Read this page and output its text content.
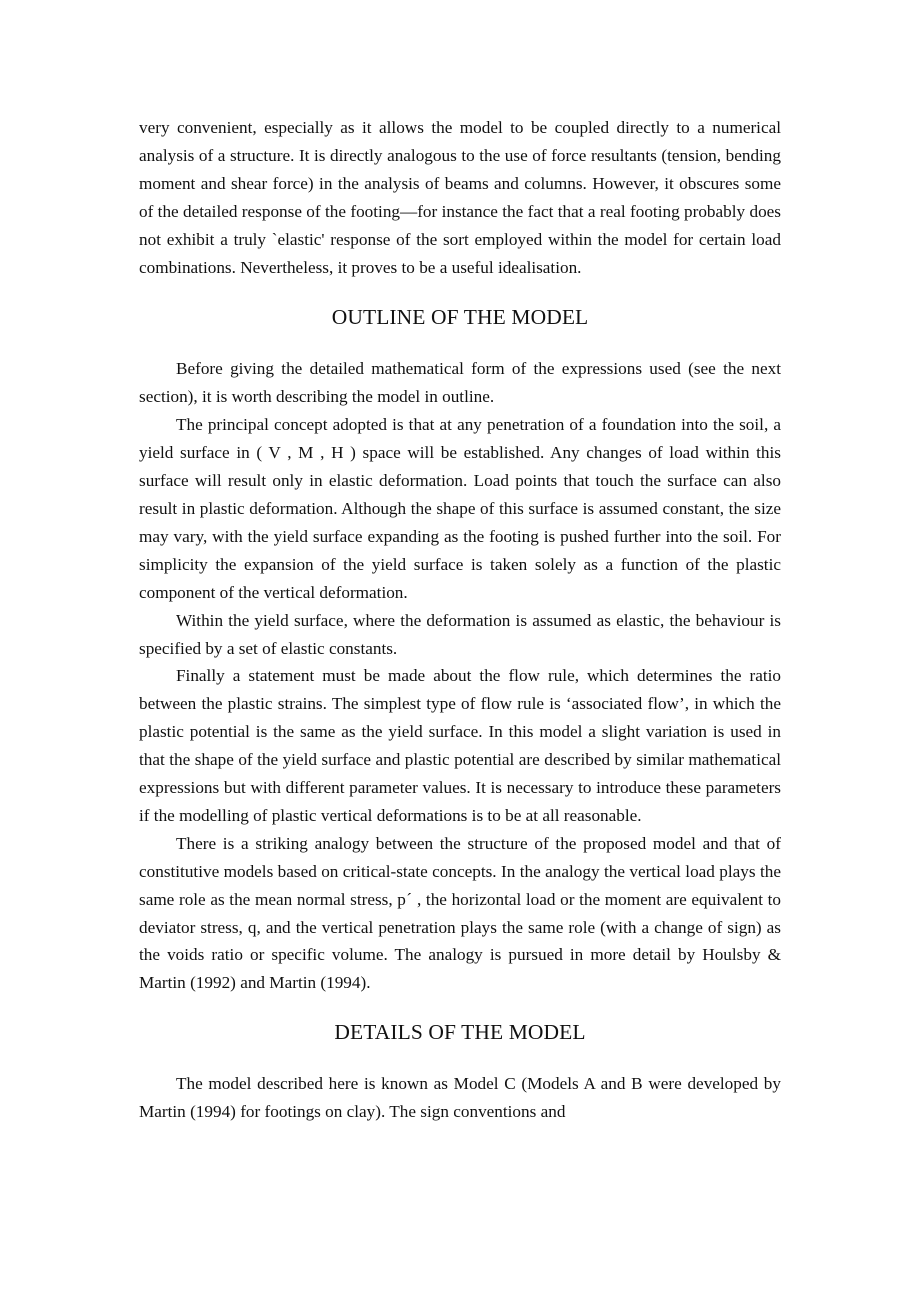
very convenient, especially as it allows the model to be coupled directly to a numerical analysis of a structure. It is directly analogous to the use of force resultants (tension, bending moment and shear force) in the analysis of beams and columns. However, it obscures some of the detailed response of the footing—for instance the fact that a real footing probably does not exhibit a truly `elastic' response of the sort employed within the model for certain load combinations. Nevertheless, it proves to be a useful idealisation.

OUTLINE OF THE MODEL

Before giving the detailed mathematical form of the expressions used (see the next section), it is worth describing the model in outline.

The principal concept adopted is that at any penetration of a foundation into the soil, a yield surface in ( V , M , H ) space will be established. Any changes of load within this surface will result only in elastic deformation. Load points that touch the surface can also result in plastic deformation. Although the shape of this surface is assumed constant, the size may vary, with the yield surface expanding as the footing is pushed further into the soil. For simplicity the expansion of the yield surface is taken solely as a function of the plastic component of the vertical deformation.

Within the yield surface, where the deformation is assumed as elastic, the behaviour is specified by a set of elastic constants.

Finally a statement must be made about the flow rule, which determines the ratio between the plastic strains. The simplest type of flow rule is ‘associated flow’, in which the plastic potential is the same as the yield surface. In this model a slight variation is used in that the shape of the yield surface and plastic potential are described by similar mathematical expressions but with different parameter values. It is necessary to introduce these parameters if the modelling of plastic vertical deformations is to be at all reasonable.

There is a striking analogy between the structure of the proposed model and that of constitutive models based on critical-state concepts. In the analogy the vertical load plays the same role as the mean normal stress, pˊ , the horizontal load or the moment are equivalent to deviator stress, q, and the vertical penetration plays the same role (with a change of sign) as the voids ratio or specific volume. The analogy is pursued in more detail by Houlsby & Martin (1992) and Martin (1994).

DETAILS OF THE MODEL

The model described here is known as Model C (Models A and B were developed by Martin (1994) for footings on clay). The sign conventions and
